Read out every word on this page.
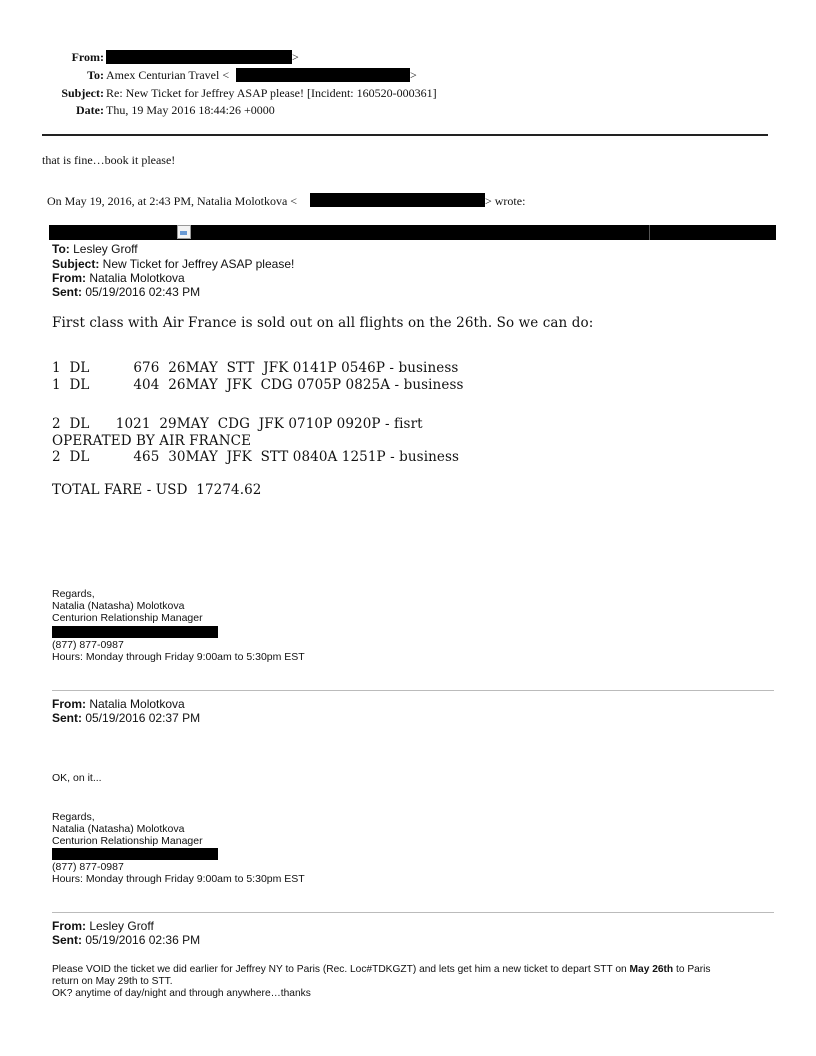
From:	>
To: Amex Centurian Travel <	>
Subject: Re: New Ticket for Jeffrey ASAP please! [Incident: 160520-000361]
Date: Thu, 19 May 2016 18:44:26 +0000
that is fine…book it please!
On May 19, 2016, at 2:43 PM, Natalia Molotkova <	> wrote:
To: Lesley Groff
Subject: New Ticket for Jeffrey ASAP please!
From: Natalia Molotkova
Sent: 05/19/2016 02:43 PM
First class with Air France is sold out on all flights on the 26th. So we can do:
1  DL          676  26MAY  STT  JFK 0141P 0546P - business
1  DL          404  26MAY  JFK  CDG 0705P 0825A - business
2  DL      1021  29MAY  CDG  JFK 0710P 0920P - fisrt
OPERATED BY AIR FRANCE
2  DL          465  30MAY  JFK  STT 0840A 1251P - business
TOTAL FARE - USD  17274.62
Regards,
Natalia (Natasha) Molotkova
Centurion Relationship Manager
(877) 877-0987
Hours: Monday through Friday 9:00am to 5:30pm EST
From: Natalia Molotkova
Sent: 05/19/2016 02:37 PM
OK, on it...
Regards,
Natalia (Natasha) Molotkova
Centurion Relationship Manager
(877) 877-0987
Hours: Monday through Friday 9:00am to 5:30pm EST
From: Lesley Groff
Sent: 05/19/2016 02:36 PM
Please VOID the ticket we did earlier for Jeffrey NY to Paris (Rec. Loc#TDKGZT) and lets get him a new ticket to depart STT on May 26th to Paris
return on May 29th to STT.
OK? anytime of day/night and through anywhere…thanks
